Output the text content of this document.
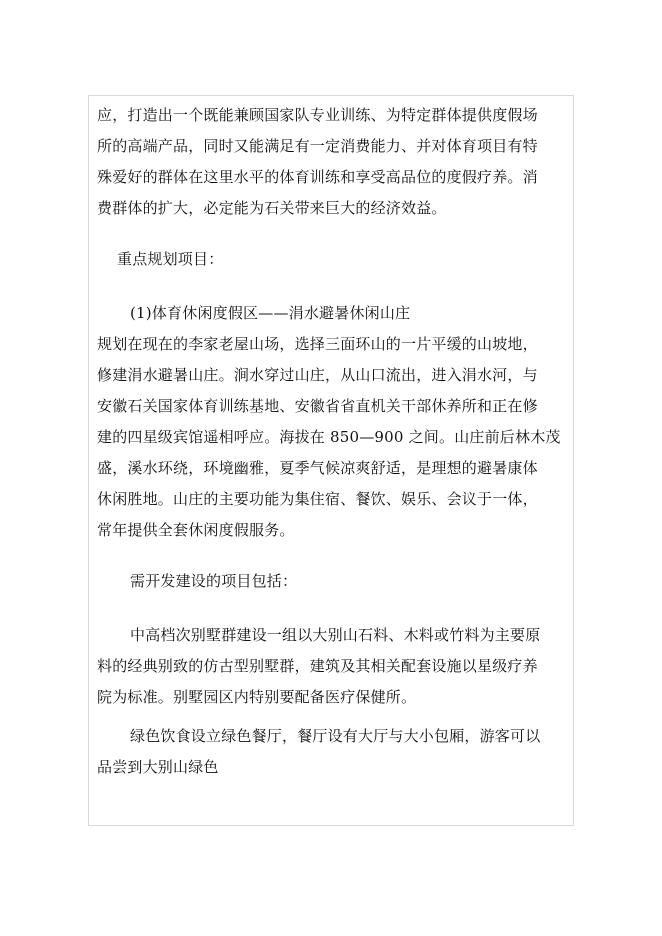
应，打造出一个既能兼顾国家队专业训练、为特定群体提供度假场
所的高端产品，同时又能满足有一定消费能力、并对体育项目有特
殊爱好的群体在这里水平的体育训练和享受高品位的度假疗养。消
费群体的扩大，必定能为石关带来巨大的经济效益。
重点规划项目：
(1)体育休闲度假区——涓水避暑休闲山庄
规划在现在的李家老屋山场，选择三面环山的一片平缓的山坡地，
修建涓水避暑山庄。涧水穿过山庄，从山口流出，进入涓水河，与
安徽石关国家体育训练基地、安徽省省直机关干部休养所和正在修
建的四星级宾馆遥相呼应。海拔在 850—900 之间。山庄前后林木茂
盛，溪水环绕，环境幽雅，夏季气候凉爽舒适，是理想的避暑康体
休闲胜地。山庄的主要功能为集住宿、餐饮、娱乐、会议于一体，
常年提供全套休闲度假服务。
需开发建设的项目包括：
中高档次别墅群建设一组以大别山石料、木料或竹料为主要原
料的经典别致的仿古型别墅群，建筑及其相关配套设施以星级疗养
院为标准。别墅园区内特别要配备医疗保健所。
绿色饮食设立绿色餐厅，餐厅设有大厅与大小包厢，游客可以
品尝到大别山绿色
